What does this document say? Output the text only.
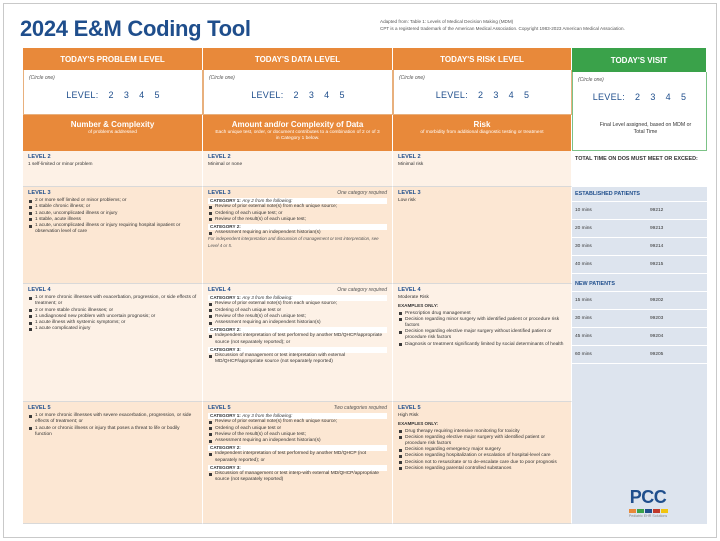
2024 E&M Coding Tool	Adapted from: Table 1: Levels of Medical Decision Making (MDM)
CPT is a registered trademark of the American Medical Association. Copyright 1983-2023 American Medical Association.
TODAY'S PROBLEM LEVEL	TODAY'S DATA LEVEL	TODAY'S RISK LEVEL	TODAY'S VISIT
(Circle one)
LEVEL: 2 3 4 5
(Circle one)
LEVEL: 2 3 4 5
(Circle one)
LEVEL: 2 3 4 5
(Circle one)
LEVEL: 2 3 4 5
Final Level assigned, based on MDM or Total Time
Number & Complexity
of problems addressed
Amount and/or Complexity of Data
Each unique test, order, or document contributes to a combination of 2 or of 3 in Category 1 below.
Risk
of morbidity from additional diagnostic testing or treatment
LEVEL 2
1 self-limited or minor problem
LEVEL 2
Minimal or none
LEVEL 2
Minimal risk
LEVEL 3
2 or more self limited or minor problems; or
1 stable chronic illness; or
1 acute, uncomplicated illness or injury
1 stable, acute illness
1 acute, uncomplicated illness or injury requiring hospital inpatient or observation level of care
LEVEL 3	One category required
CATEGORY 1: Any 2 from the following:
Review of prior external note(s) from each unique source;
Ordering of each unique test; or
Review of the result(s) of each unique test;
CATEGORY 2:
Assessment requiring an independent historian(s)
For independent interpretation and discussion of management or test interpretation, see Level 4 or 5.
LEVEL 3
Low risk
LEVEL 4
1 or more chronic illnesses with exacerbation, progression, or side effects of treatment; or
2 or more stable chronic illnesses; or
1 undiagnosed new problem with uncertain prognosis; or
1 acute illness with systemic symptoms; or
1 acute complicated injury
LEVEL 4	One category required
CATEGORY 1: Any 3 from the following:
Review of prior external note(s) from each unique source;
Ordering of each unique test or
Review of the result(s) of each unique test;
Assessment requiring an independent historian(s)
CATEGORY 2:
Independent interpretation of test performed by another MD/QHCP/appropriate source (not separately reported); or
CATEGORY 3:
Discussion of management or test interpretation with external MD/QHCP/appropriate source (not separately reported)
LEVEL 4
Moderate Risk
EXAMPLES ONLY:
Prescription drug management
Decision regarding minor surgery with identified patient or procedure risk factors
Decision regarding elective major surgery without identified patient or procedure risk factors
Diagnosis or treatment significantly limited by social determinants of health
LEVEL 5
1 or more chronic illnesses with severe exacerbation, progression, or side effects of treatment; or
1 acute or chronic illness or injury that poses a threat to life or bodily function
LEVEL 5	Two categories required
CATEGORY 1: Any 3 from the following:
Review of prior external note(s) from each unique source;
Ordering of each unique test or
Review of the result(s) of each unique test;
Assessment requiring an independent historian(s)
CATEGORY 2:
Independent interpretation of test performed by another MD/QHCP (not separately reported); or
CATEGORY 3:
Discussion of management or test interp-with external MD/QHCP/appropriate source (not separately reported)
LEVEL 5
High Risk
EXAMPLES ONLY:
Drug therapy requiring intensive monitoring for toxicity
Decision regarding elective major surgery with identified patient or procedure risk factors
Decision regarding emergency major surgery
Decision regarding hospitalization or escalation of hospital-level care
Decision not to resuscitate or to de-escalate care due to poor prognosis
Decision regarding parental controlled substances
TOTAL TIME ON DOS MUST MEET OR EXCEED:
ESTABLISHED PATIENTS
10 mins	99212
20 mins	99213
30 mins	99214
40 mins	99215
NEW PATIENTS
15 mins	99202
30 mins	99203
45 mins	99204
60 mins	99205
PCC
Pediatric EHR Solutions
